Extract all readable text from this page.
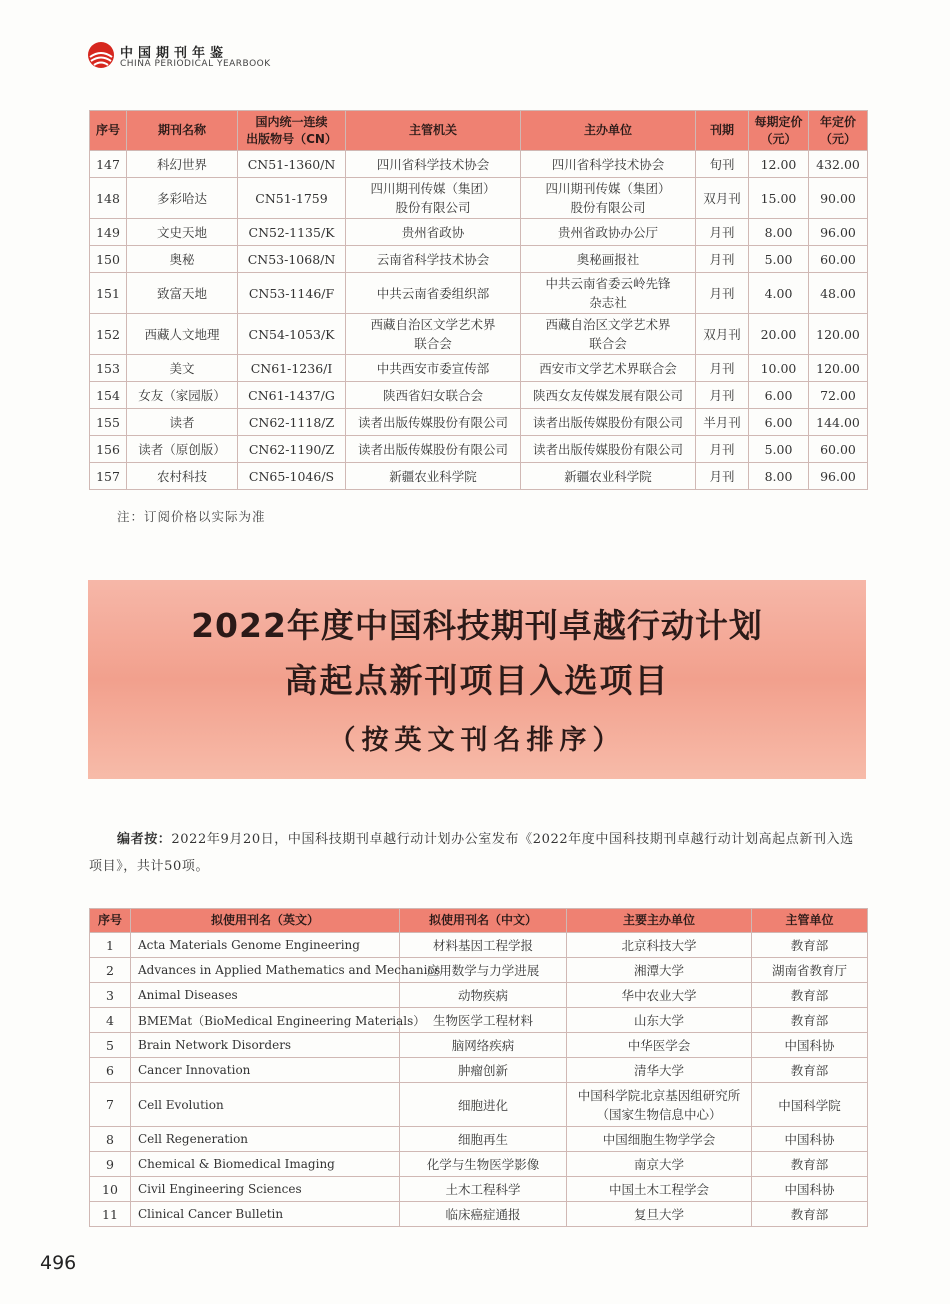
中国期刊年鉴
CHINA PERIODICAL YEARBOOK
序号	期刊名称	国内统一连续
出版物号（CN）	主管机关	主办单位	刊期	每期定价
（元）	年定价
（元）

147	科幻世界	CN51-1360/N	四川省科学技术协会	四川省科学技术协会	旬刊	12.00	432.00
148	多彩哈达	CN51-1759	四川期刊传媒（集团）
股份有限公司	四川期刊传媒（集团）
股份有限公司	双月刊	15.00	90.00
149	文史天地	CN52-1135/K	贵州省政协	贵州省政协办公厅	月刊	8.00	96.00
150	奥秘	CN53-1068/N	云南省科学技术协会	奥秘画报社	月刊	5.00	60.00
151	致富天地	CN53-1146/F	中共云南省委组织部	中共云南省委云岭先锋
杂志社	月刊	4.00	48.00
152	西藏人文地理	CN54-1053/K	西藏自治区文学艺术界
联合会	西藏自治区文学艺术界
联合会	双月刊	20.00	120.00
153	美文	CN61-1236/I	中共西安市委宣传部	西安市文学艺术界联合会	月刊	10.00	120.00
154	女友（家园版）	CN61-1437/G	陕西省妇女联合会	陕西女友传媒发展有限公司	月刊	6.00	72.00
155	读者	CN62-1118/Z	读者出版传媒股份有限公司	读者出版传媒股份有限公司	半月刊	6.00	144.00
156	读者（原创版）	CN62-1190/Z	读者出版传媒股份有限公司	读者出版传媒股份有限公司	月刊	5.00	60.00
157	农村科技	CN65-1046/S	新疆农业科学院	新疆农业科学院	月刊	8.00	96.00
注：订阅价格以实际为准
2022年度中国科技期刊卓越行动计划
高起点新刊项目入选项目
（按英文刊名排序）
编者按：2022年9月20日，中国科技期刊卓越行动计划办公室发布《2022年度中国科技期刊卓越行动计划高起点新刊入选项目》，共计50项。
序号	拟使用刊名（英文）	拟使用刊名（中文）	主要主办单位	主管单位
1	Acta Materials Genome Engineering	材料基因工程学报	北京科技大学	教育部
2	Advances in Applied Mathematics and Mechanics	应用数学与力学进展	湘潭大学	湖南省教育厅
3	Animal Diseases	动物疾病	华中农业大学	教育部
4	BMEMat（BioMedical Engineering Materials）	生物医学工程材料	山东大学	教育部
5	Brain Network Disorders	脑网络疾病	中华医学会	中国科协
6	Cancer Innovation	肿瘤创新	清华大学	教育部
7	Cell Evolution	细胞进化	中国科学院北京基因组研究所
（国家生物信息中心）	中国科学院
8	Cell Regeneration	细胞再生	中国细胞生物学学会	中国科协
9	Chemical & Biomedical Imaging	化学与生物医学影像	南京大学	教育部
10	Civil Engineering Sciences	土木工程科学	中国土木工程学会	中国科协
11	Clinical Cancer Bulletin	临床癌症通报	复旦大学	教育部
496
